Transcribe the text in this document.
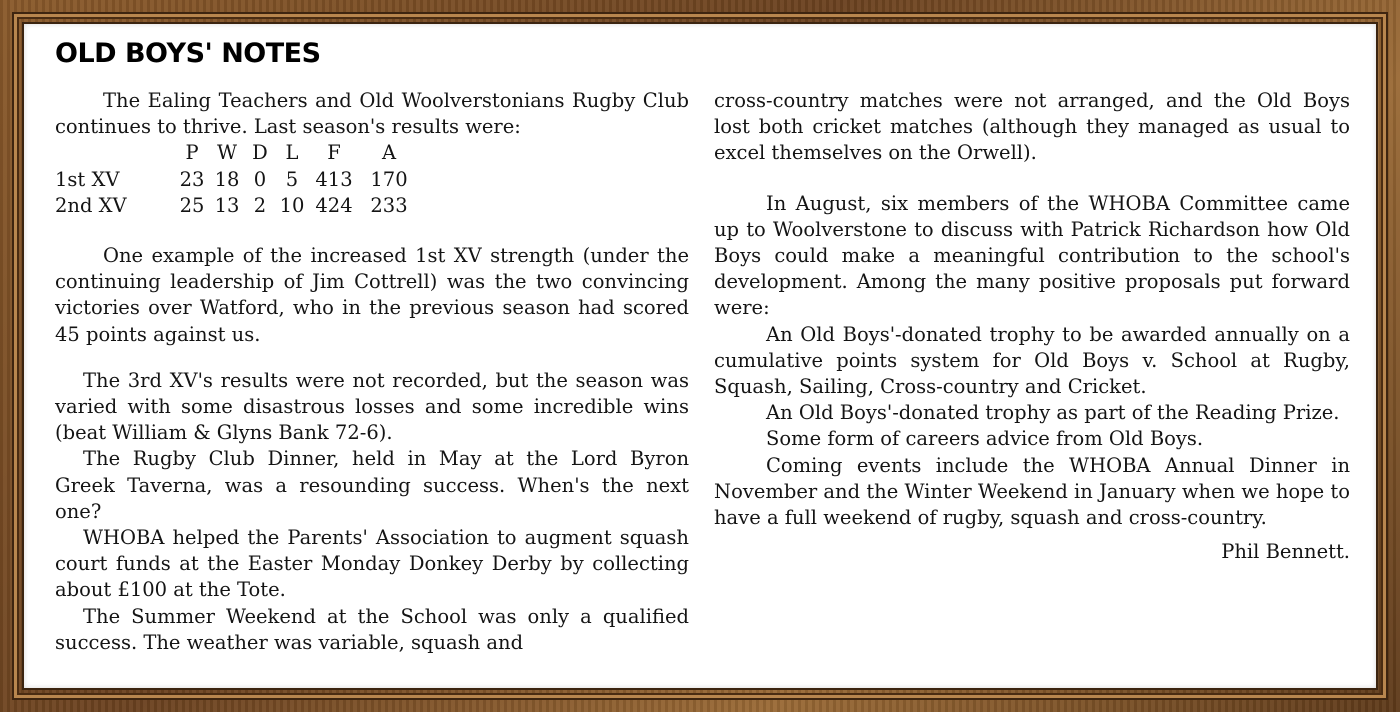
OLD BOYS' NOTES

The Ealing Teachers and Old Woolverstonians Rugby Club continues to thrive. Last season's results were:

	P	W	D	L	F	A
1st XV	23	18	0	5	413	170
2nd XV	25	13	2	10	424	233

One example of the increased 1st XV strength (under the continuing leadership of Jim Cottrell) was the two convincing victories over Watford, who in the previous season had scored 45 points against us.

The 3rd XV's results were not recorded, but the season was varied with some disastrous losses and some incredible wins (beat William & Glyns Bank 72-6).

The Rugby Club Dinner, held in May at the Lord Byron Greek Taverna, was a resounding success. When's the next one?

WHOBA helped the Parents' Association to augment squash court funds at the Easter Monday Donkey Derby by collecting about £100 at the Tote.

The Summer Weekend at the School was only a qualified success. The weather was variable, squash and

cross-country matches were not arranged, and the Old Boys lost both cricket matches (although they managed as usual to excel themselves on the Orwell).

In August, six members of the WHOBA Committee came up to Woolverstone to discuss with Patrick Richardson how Old Boys could make a meaningful contribution to the school's development. Among the many positive proposals put forward were:

An Old Boys'-donated trophy to be awarded annually on a cumulative points system for Old Boys v. School at Rugby, Squash, Sailing, Cross-country and Cricket.

An Old Boys'-donated trophy as part of the Reading Prize.

Some form of careers advice from Old Boys.

Coming events include the WHOBA Annual Dinner in November and the Winter Weekend in January when we hope to have a full weekend of rugby, squash and cross-country.

Phil Bennett.
